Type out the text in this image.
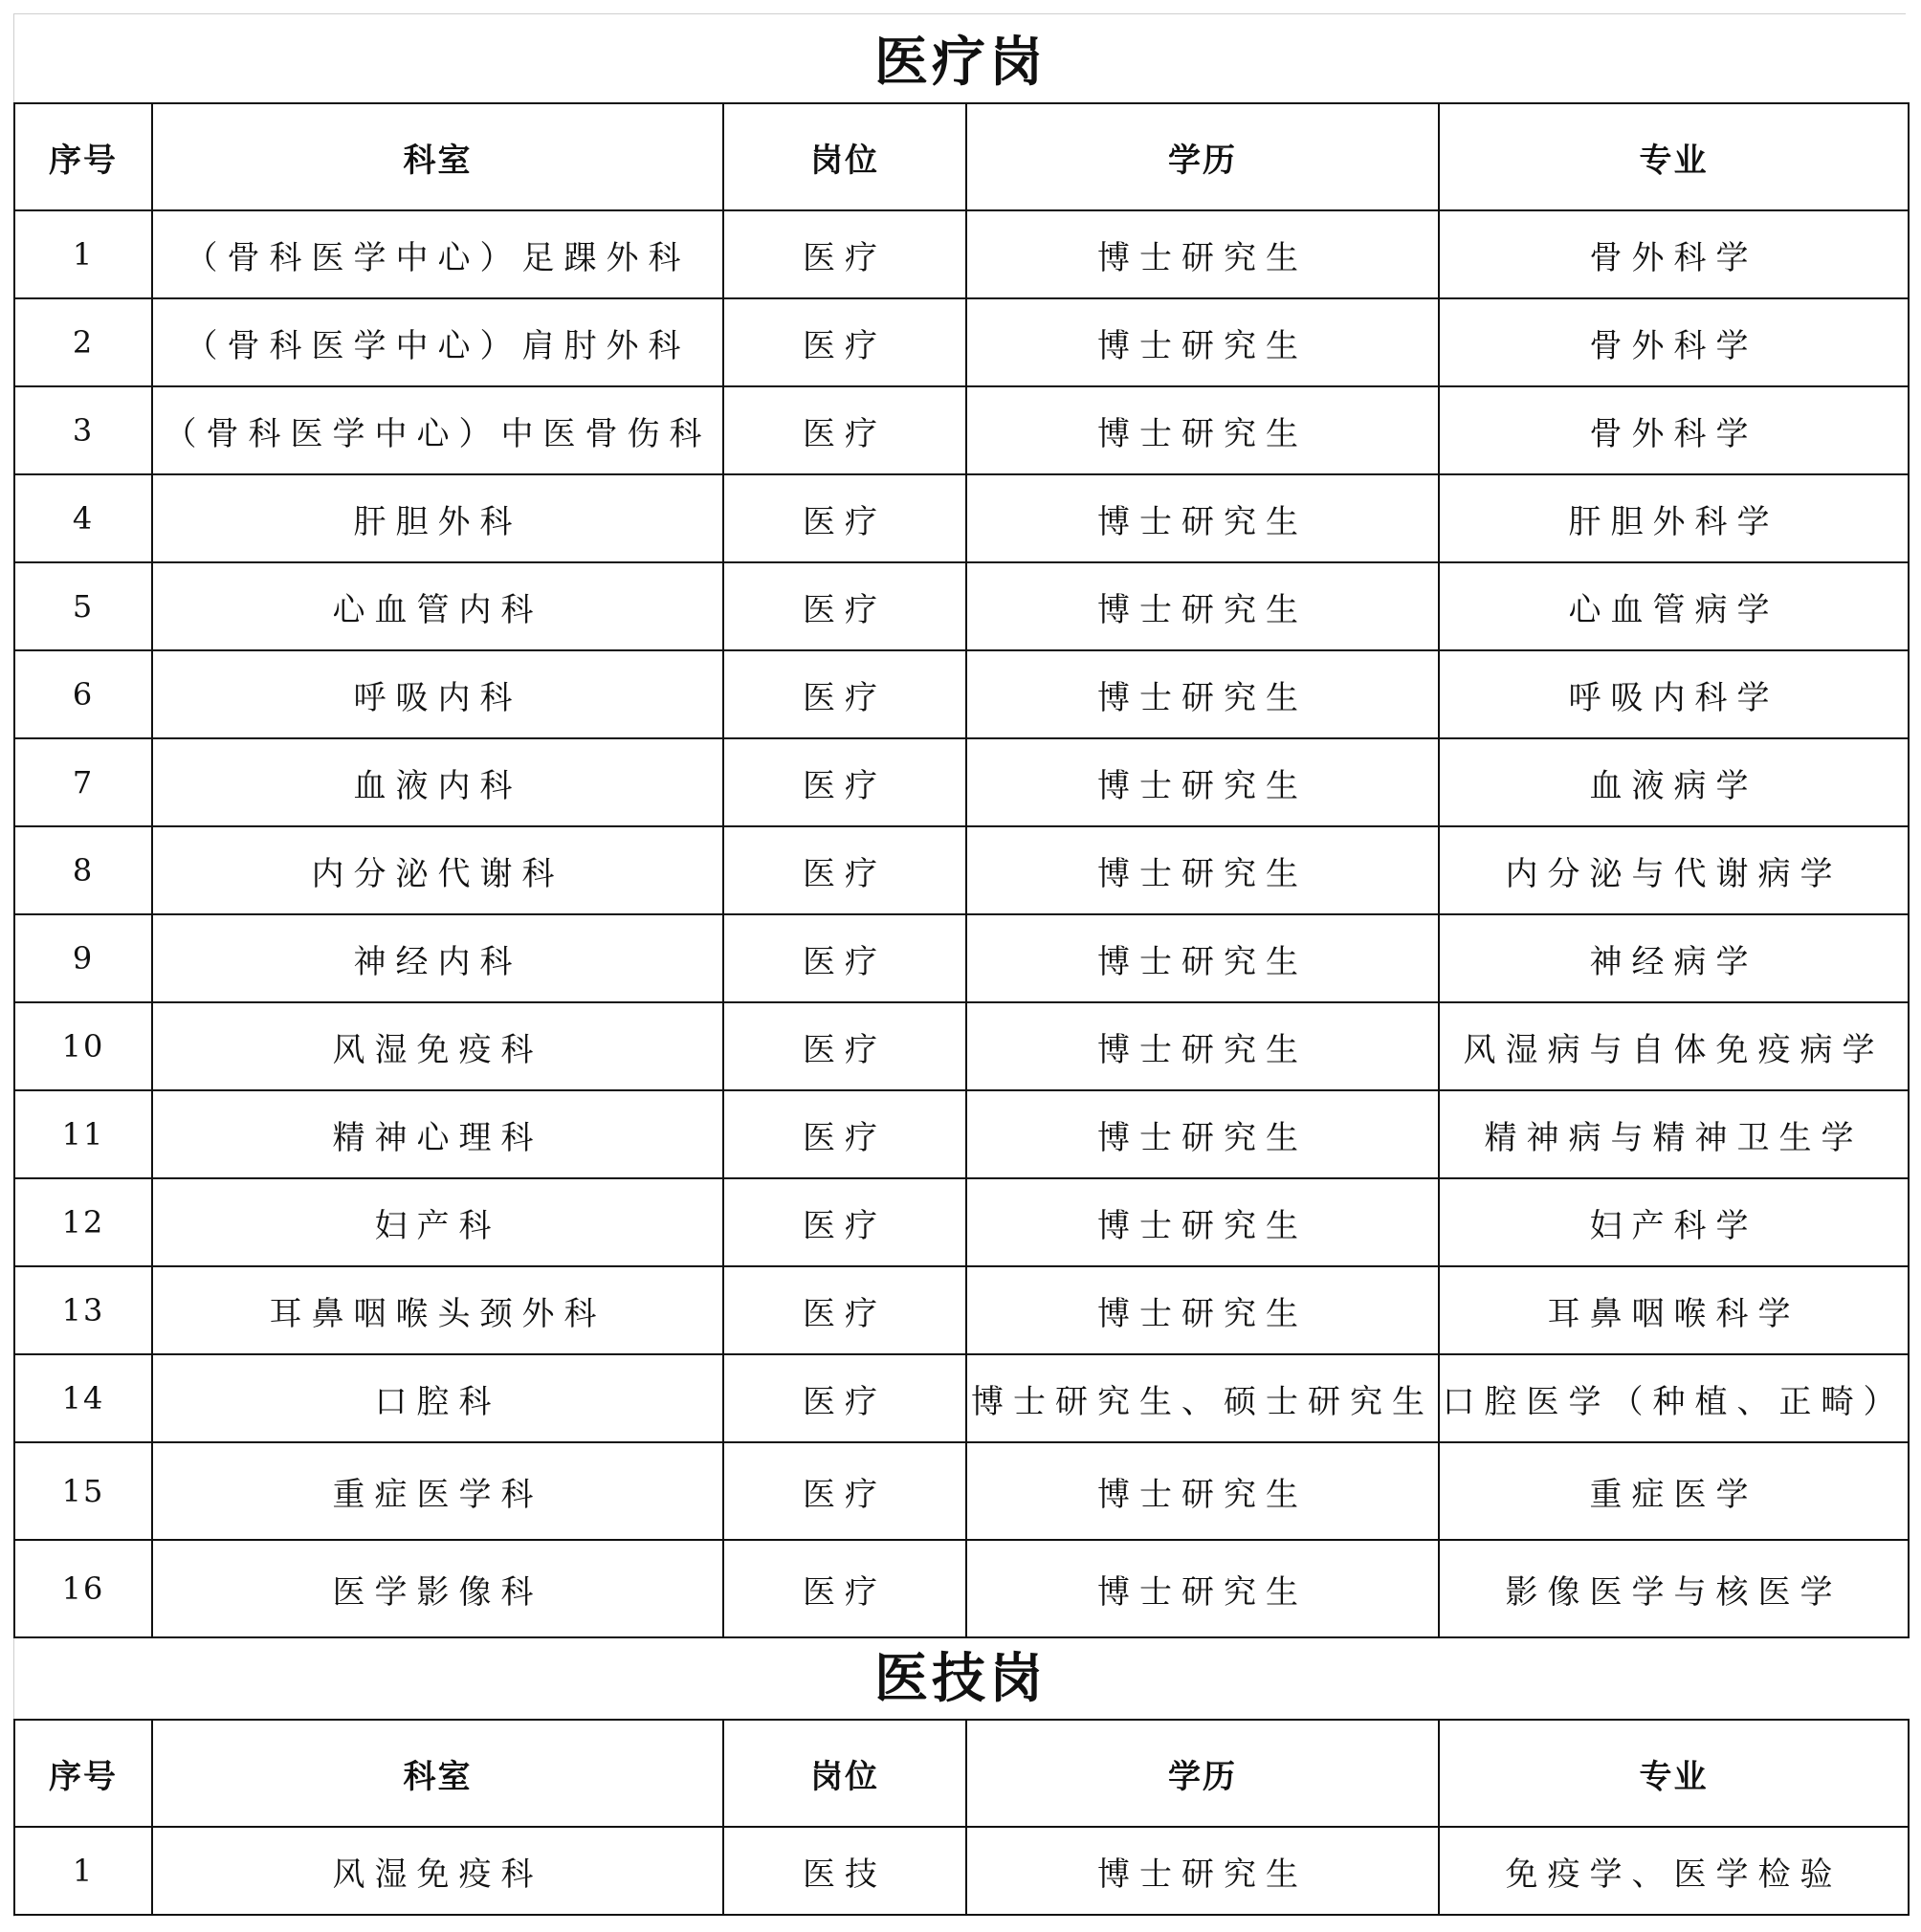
医疗岗
序号	科室	岗位	学历	专业
1	（骨科医学中心）足踝外科	医疗	博士研究生	骨外科学
2	（骨科医学中心）肩肘外科	医疗	博士研究生	骨外科学
3	（骨科医学中心）中医骨伤科	医疗	博士研究生	骨外科学
4	肝胆外科	医疗	博士研究生	肝胆外科学
5	心血管内科	医疗	博士研究生	心血管病学
6	呼吸内科	医疗	博士研究生	呼吸内科学
7	血液内科	医疗	博士研究生	血液病学
8	内分泌代谢科	医疗	博士研究生	内分泌与代谢病学
9	神经内科	医疗	博士研究生	神经病学
10	风湿免疫科	医疗	博士研究生	风湿病与自体免疫病学
11	精神心理科	医疗	博士研究生	精神病与精神卫生学
12	妇产科	医疗	博士研究生	妇产科学
13	耳鼻咽喉头颈外科	医疗	博士研究生	耳鼻咽喉科学
14	口腔科	医疗	博士研究生、硕士研究生	口腔医学（种植、正畸）
15	重症医学科	医疗	博士研究生	重症医学
16	医学影像科	医疗	博士研究生	影像医学与核医学
医技岗
序号	科室	岗位	学历	专业
1	风湿免疫科	医技	博士研究生	免疫学、医学检验
